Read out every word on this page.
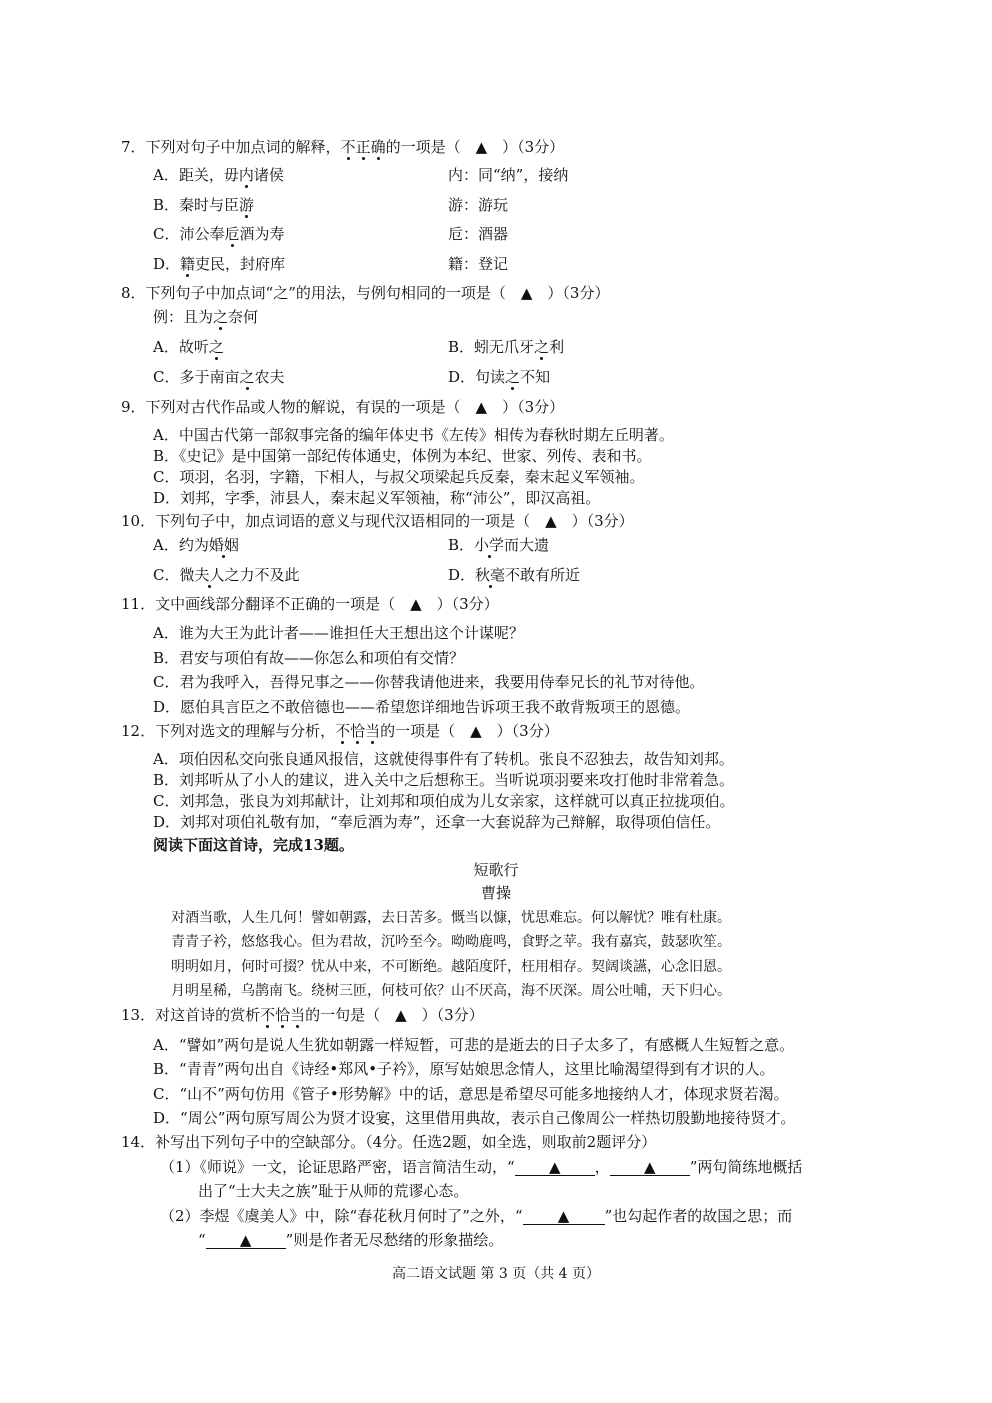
7．下列对句子中加点词的解释，不正确的一项是（　▲　）（3分）
A．距关，毋内诸侯	内：同“纳”，接纳
B．秦时与臣游	游：游玩
C．沛公奉卮酒为寿	卮：酒器
D．籍吏民，封府库	籍：登记
8．下列句子中加点词“之”的用法，与例句相同的一项是（　▲　）（3分）
例：且为之奈何
A．故听之	B．蚓无爪牙之利
C．多于南亩之农夫	D．句读之不知
9．下列对古代作品或人物的解说，有误的一项是（　▲　）（3分）
A．中国古代第一部叙事完备的编年体史书《左传》相传为春秋时期左丘明著。
B．《史记》是中国第一部纪传体通史，体例为本纪、世家、列传、表和书。
C．项羽，名羽，字籍，下相人，与叔父项梁起兵反秦，秦末起义军领袖。
D．刘邦，字季，沛县人，秦末起义军领袖，称“沛公”，即汉高祖。
10．下列句子中，加点词语的意义与现代汉语相同的一项是（　▲　）（3分）
A．约为婚姻	B．小学而大遗
C．微夫人之力不及此	D．秋毫不敢有所近
11．文中画线部分翻译不正确的一项是（　▲　）（3分）
A．谁为大王为此计者——谁担任大王想出这个计谋呢？
B．君安与项伯有故——你怎么和项伯有交情？
C．君为我呼入，吾得兄事之——你替我请他进来，我要用侍奉兄长的礼节对待他。
D．愿伯具言臣之不敢倍德也——希望您详细地告诉项王我不敢背叛项王的恩德。
12．下列对选文的理解与分析，不恰当的一项是（　▲　）（3分）
A．项伯因私交向张良通风报信，这就使得事件有了转机。张良不忍独去，故告知刘邦。
B．刘邦听从了小人的建议，进入关中之后想称王。当听说项羽要来攻打他时非常着急。
C．刘邦急，张良为刘邦献计，让刘邦和项伯成为儿女亲家，这样就可以真正拉拢项伯。
D．刘邦对项伯礼敬有加，“奉卮酒为寿”，还拿一大套说辞为己辩解，取得项伯信任。
阅读下面这首诗，完成13题。
短歌行
曹操
对酒当歌，人生几何！譬如朝露，去日苦多。慨当以慷，忧思难忘。何以解忧？唯有杜康。
青青子衿，悠悠我心。但为君故，沉吟至今。呦呦鹿鸣，食野之苹。我有嘉宾，鼓瑟吹笙。
明明如月，何时可掇？忧从中来，不可断绝。越陌度阡，枉用相存。契阔谈讌，心念旧恩。
月明星稀，乌鹊南飞。绕树三匝，何枝可依？山不厌高，海不厌深。周公吐哺，天下归心。
13．对这首诗的赏析不恰当的一句是（　▲　）（3分）
A．“譬如”两句是说人生犹如朝露一样短暂，可悲的是逝去的日子太多了，有感概人生短暂之意。
B．“青青”两句出自《诗经•郑风•子衿》，原写姑娘思念情人，这里比喻渴望得到有才识的人。
C．“山不”两句仿用《管子•形势解》中的话，意思是希望尽可能多地接纳人才，体现求贤若渴。
D．“周公”两句原写周公为贤才设宴，这里借用典故，表示自己像周公一样热切殷勤地接待贤才。
14．补写出下列句子中的空缺部分。（4分。任选2题，如全选，则取前2题评分）
（1）《师说》一文，论证思路严密，语言简洁生动，“ ▲ ， ▲ ”两句简练地概括
出了“士大夫之族”耻于从师的荒谬心态。
（2）李煜《虞美人》中，除“春花秋月何时了”之外，“ ▲ ”也勾起作者的故国之思；而
“ ▲ ”则是作者无尽愁绪的形象描绘。
高二语文试题 第 3 页（共 4 页）
